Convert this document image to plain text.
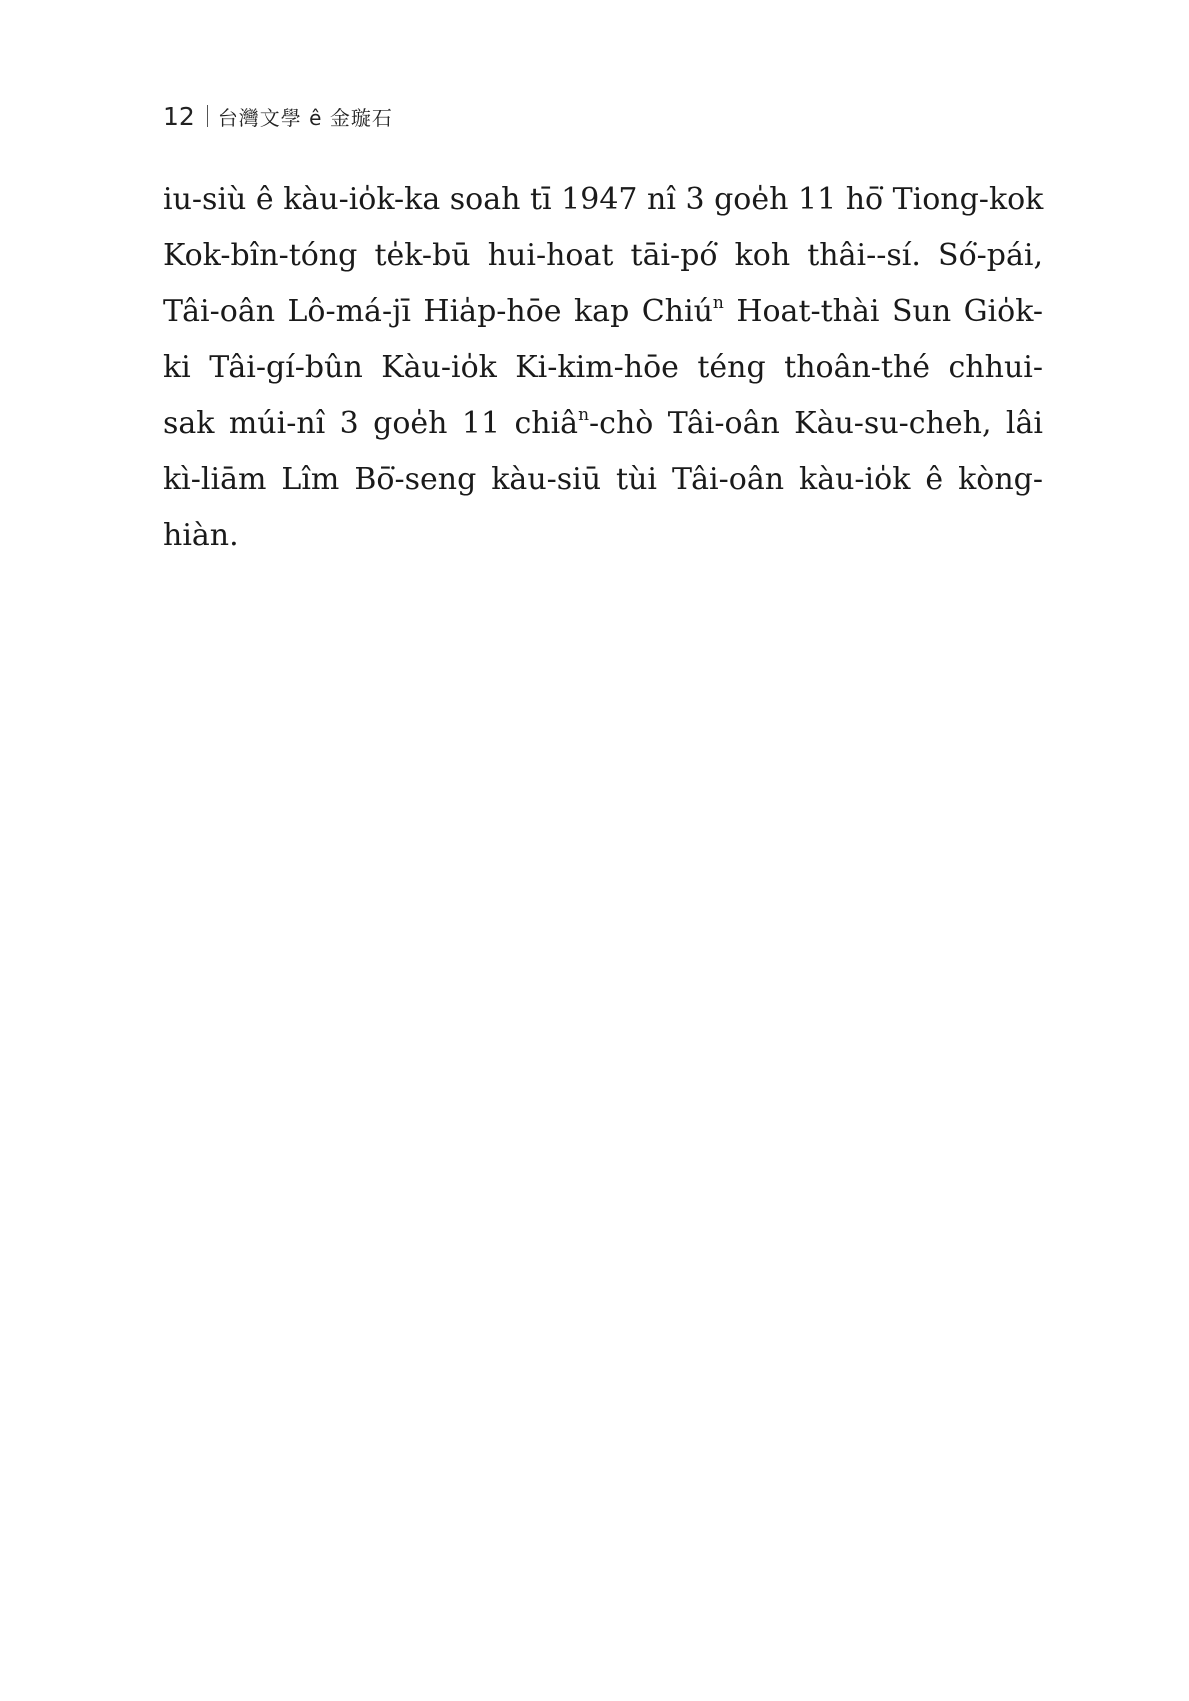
12 台灣文學 ê 金璇石
iu-siù ê kàu-io̍k-ka soah tī 1947 nî 3 goe̍h 11 hō͘ Tiong-kok
Kok-bîn-tóng te̍k-bū hui-hoat tāi-pó͘ koh thâi--sí. Só͘-pái,
Tâi-oân Lô-má-jī Hia̍p-hōe kap Chiú$^n$ Hoat-thài Sun Gio̍k-
ki Tâi-gí-bûn Kàu-io̍k Ki-kim-hōe téng thoân-thé chhui-
sak múi-nî 3 goe̍h 11 chiâ$^n$-chò Tâi-oân Kàu-su-cheh, lâi
kì-liām Lîm Bō͘-seng kàu-siū tùi Tâi-oân kàu-io̍k ê kòng-
hiàn.
